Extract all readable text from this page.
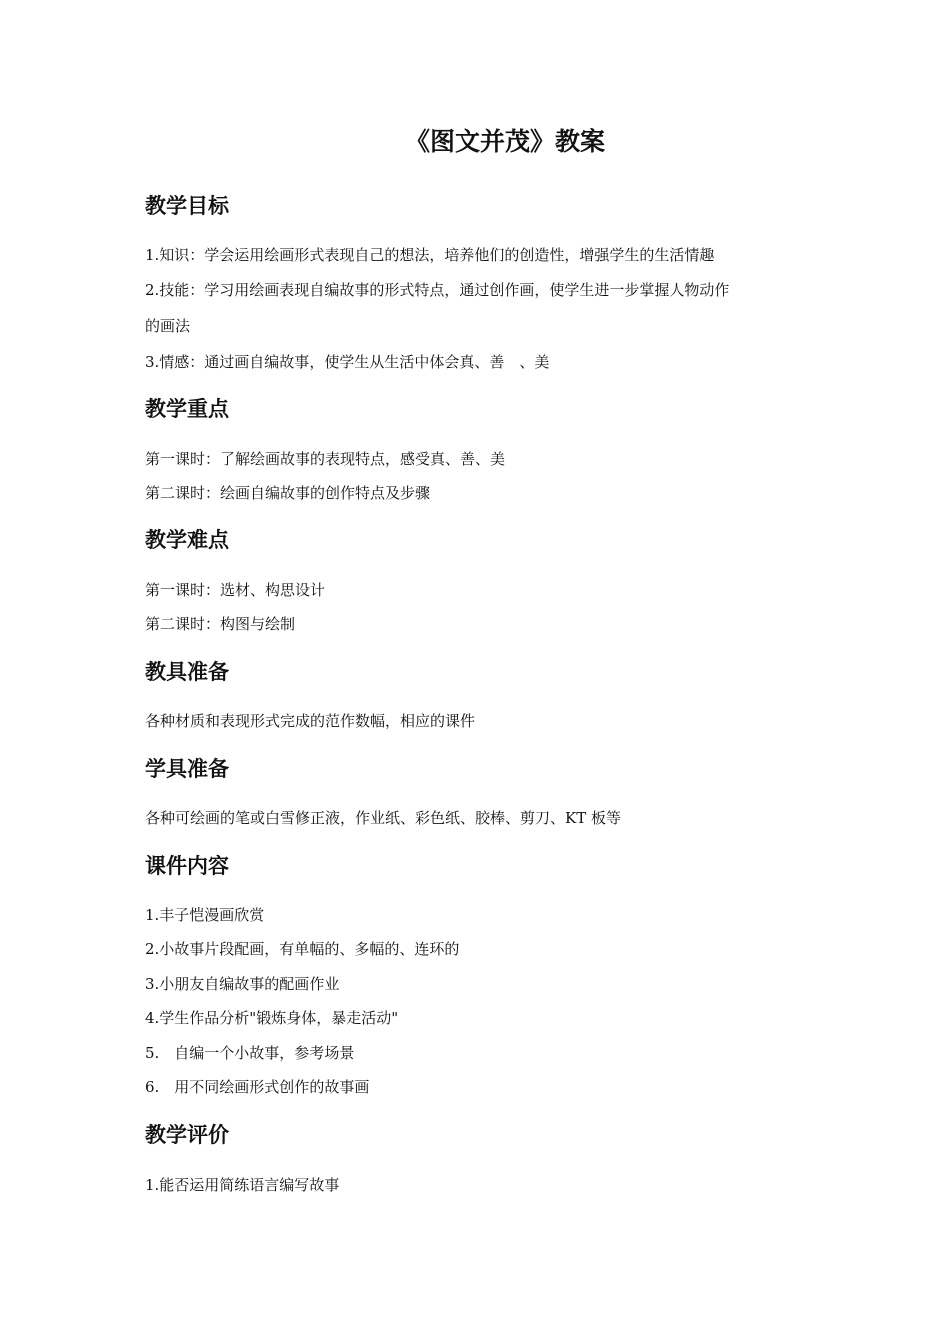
《图文并茂》教案
教学目标

1.知识：学会运用绘画形式表现自己的想法，培养他们的创造性，增强学生的生活情趣

2.技能：学习用绘画表现自编故事的形式特点，通过创作画，使学生进一步掌握人物动作

的画法

3.情感：通过画自编故事，使学生从生活中体会真、善　、美

教学重点

第一课时：了解绘画故事的表现特点，感受真、善、美

第二课时：绘画自编故事的创作特点及步骤

教学难点

第一课时：选材、构思设计

第二课时：构图与绘制

教具准备

各种材质和表现形式完成的范作数幅，相应的课件

学具准备

各种可绘画的笔或白雪修正液，作业纸、彩色纸、胶棒、剪刀、KT 板等

课件内容

1.丰子恺漫画欣赏

2.小故事片段配画，有单幅的、多幅的、连环的

3.小朋友自编故事的配画作业

4.学生作品分析"锻炼身体，暴走活动"

5.　自编一个小故事，参考场景

6.　用不同绘画形式创作的故事画

教学评价

1.能否运用简练语言编写故事
